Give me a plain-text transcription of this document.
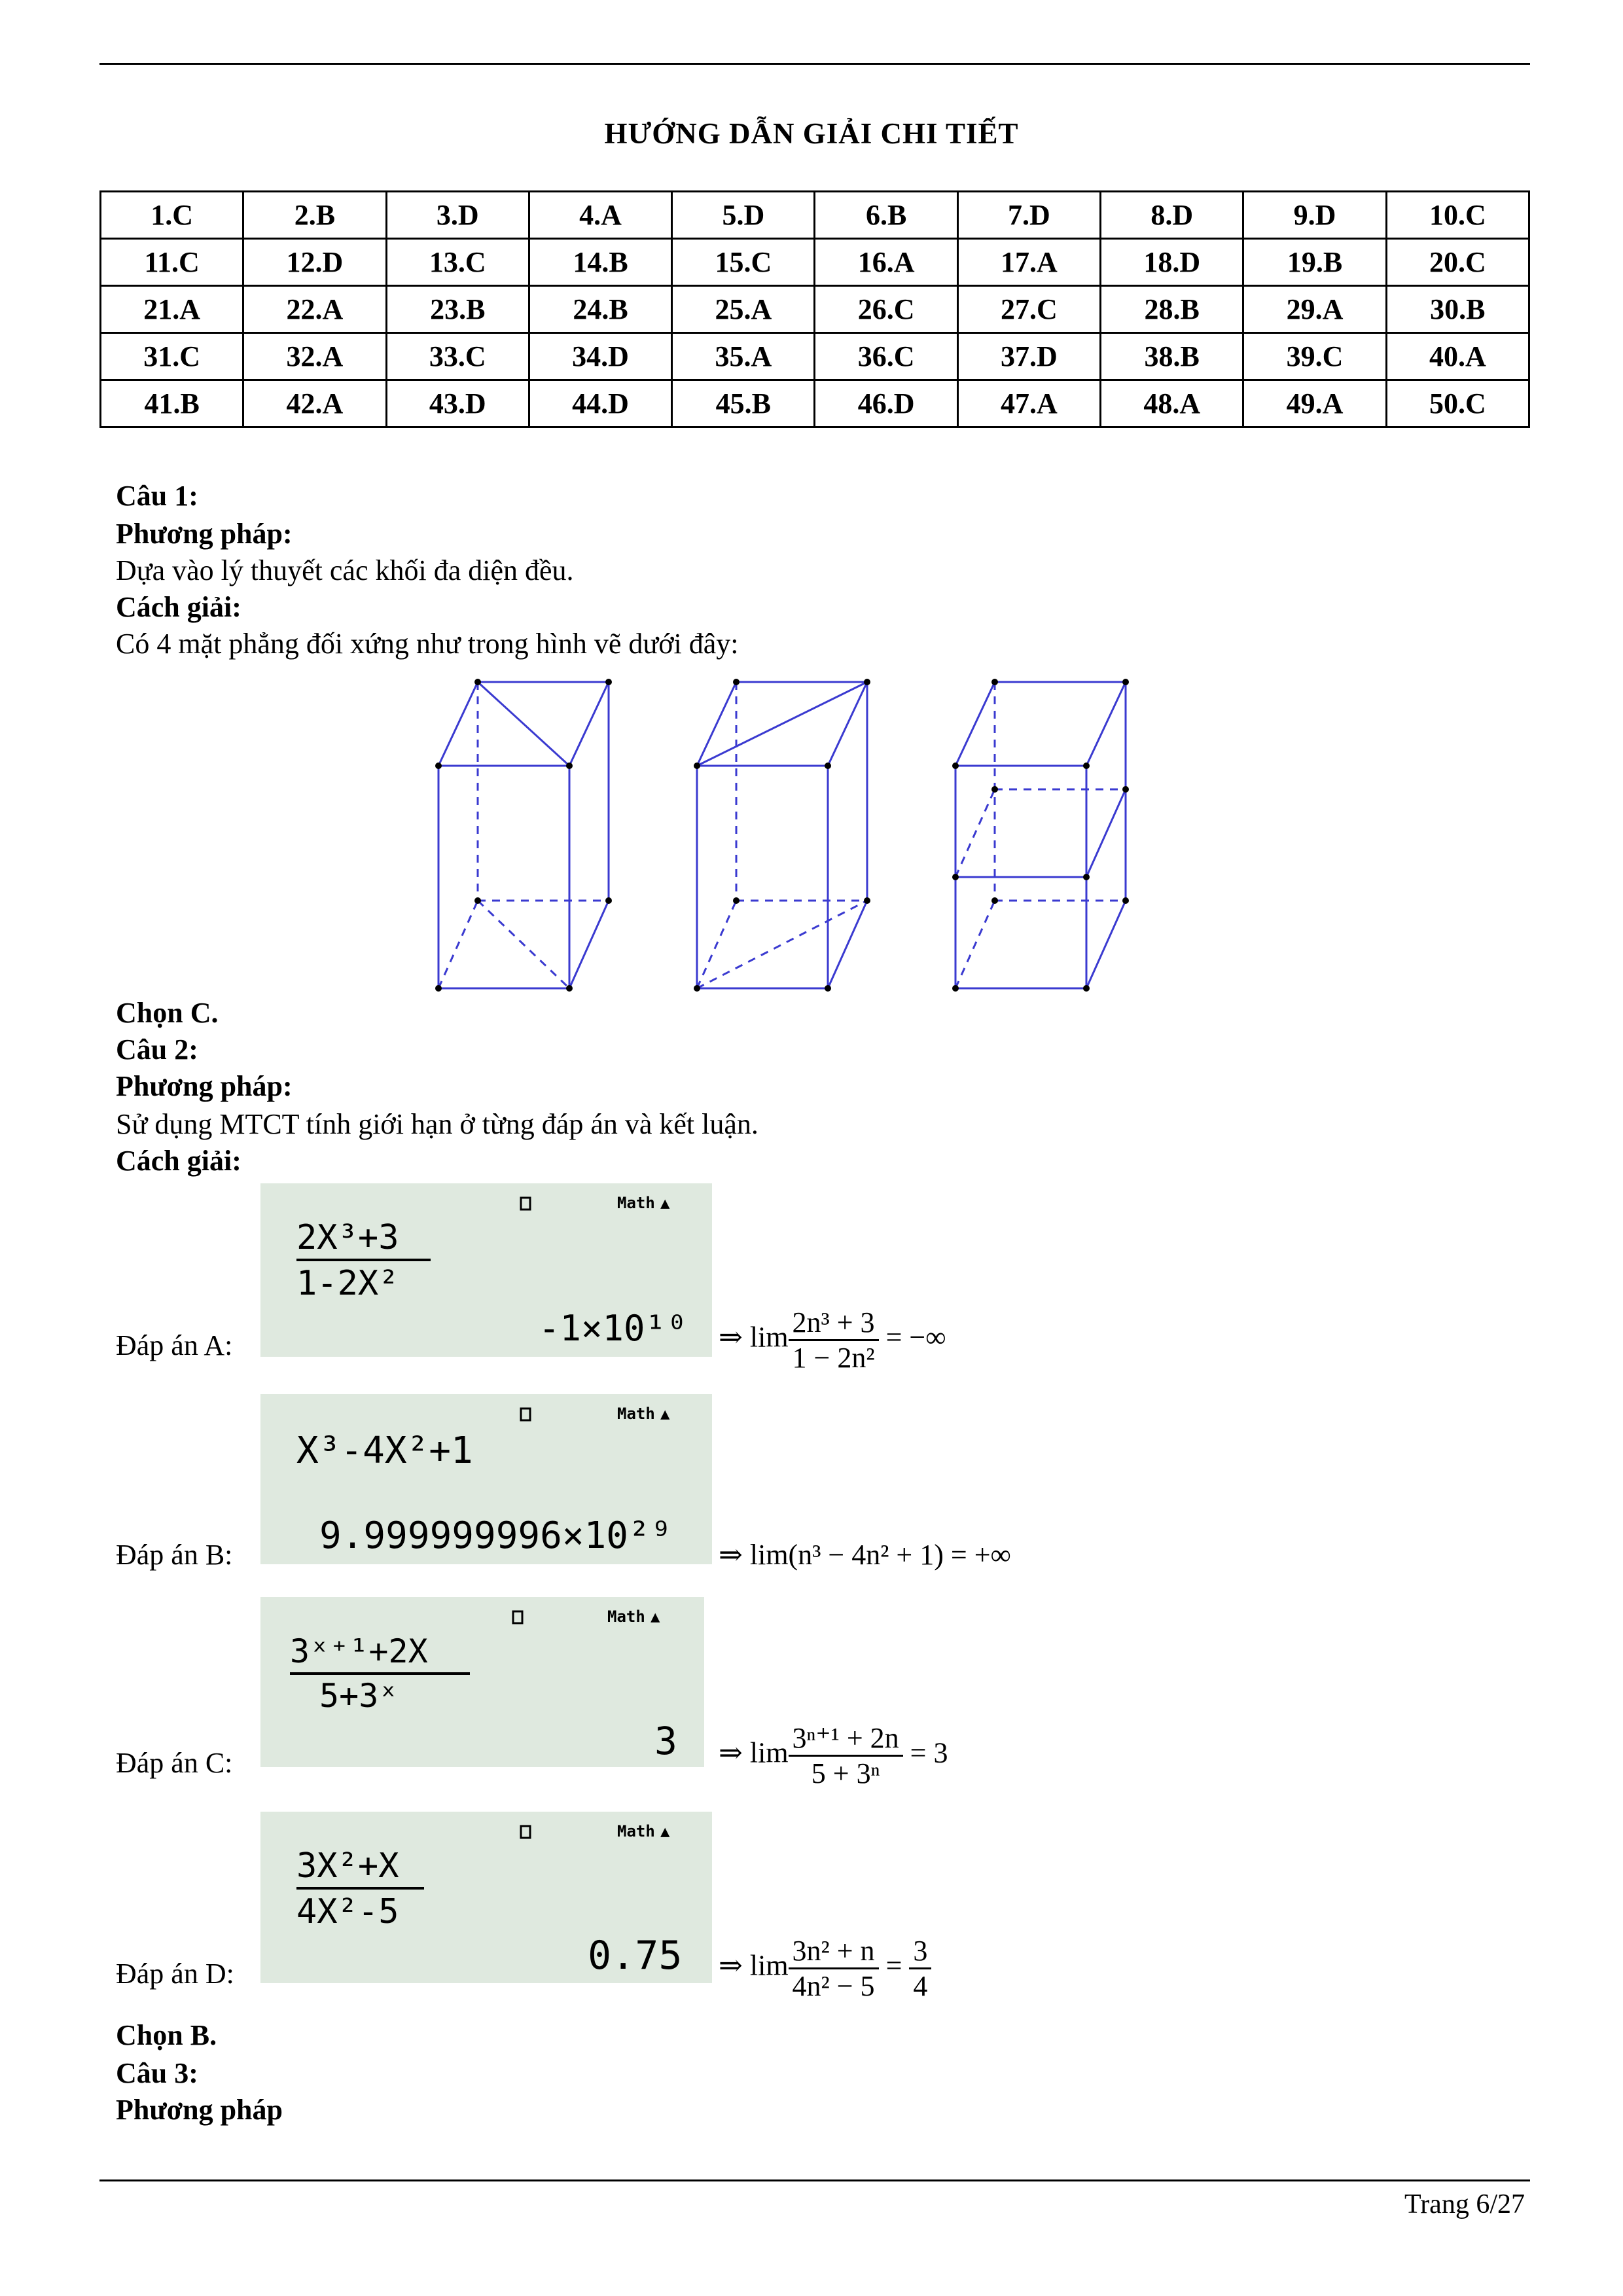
HƯỚNG DẪN GIẢI CHI TIẾT
1.C	2.B	3.D	4.A	5.D	6.B	7.D	8.D	9.D	10.C
11.C	12.D	13.C	14.B	15.C	16.A	17.A	18.D	19.B	20.C
21.A	22.A	23.B	24.B	25.A	26.C	27.C	28.B	29.A	30.B
31.C	32.A	33.C	34.D	35.A	36.C	37.D	38.B	39.C	40.A
41.B	42.A	43.D	44.D	45.B	46.D	47.A	48.A	49.A	50.C
Câu 1:
Phương pháp:
Dựa vào lý thuyết các khối đa diện đều.
Cách giải:
Có 4 mặt phẳng đối xứng như trong hình vẽ dưới đây:
Chọn C.
Câu 2:
Phương pháp:
Sử dụng MTCT tính giới hạn ở từng đáp án và kết luận.
Cách giải:
Math ▲
2X³+3
1-2X²
-1×10¹⁰
Đáp án A:	⇒ $\lim \frac{\text{2n³ + 3}}{\text{1 − 2n²}}$ = −∞
Math ▲
X³-4X²+1
9.999999996×10²⁹
Đáp án B:	⇒ lim(n³ − 4n² + 1) = +∞
Math ▲
3ˣ⁺¹+2X
5+3ˣ
3
Đáp án C:	⇒ $\lim \frac{\text{3ⁿ⁺¹ + 2n}}{\text{5 + 3ⁿ}} = 3$
Math ▲
3X²+X
4X²-5
0.75
Đáp án D:	⇒ $\lim \frac{\text{3n² + n}}{\text{4n² − 5}} = \frac{3}{4}$
Chọn B.
Câu 3:
Phương pháp
Trang 6/27
